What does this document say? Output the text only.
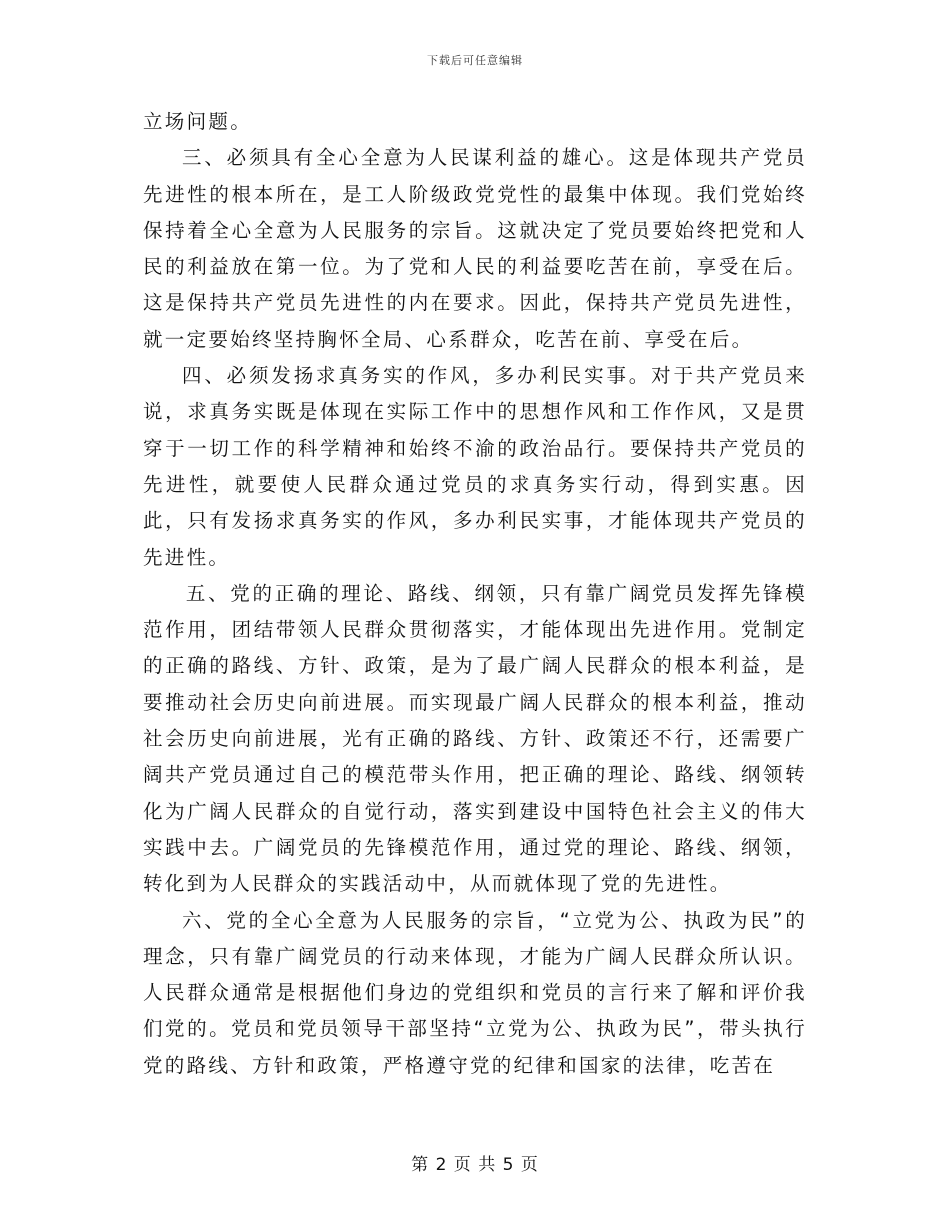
下载后可任意编辑

立场问题。

三、必须具有全心全意为人民谋利益的雄心。这是体现共产党员先进性的根本所在，是工人阶级政党党性的最集中体现。我们党始终保持着全心全意为人民服务的宗旨。这就决定了党员要始终把党和人民的利益放在第一位。为了党和人民的利益要吃苦在前，享受在后。这是保持共产党员先进性的内在要求。因此，保持共产党员先进性，就一定要始终坚持胸怀全局、心系群众，吃苦在前、享受在后。

四、必须发扬求真务实的作风，多办利民实事。对于共产党员来说，求真务实既是体现在实际工作中的思想作风和工作作风，又是贯穿于一切工作的科学精神和始终不渝的政治品行。要保持共产党员的先进性，就要使人民群众通过党员的求真务实行动，得到实惠。因此，只有发扬求真务实的作风，多办利民实事，才能体现共产党员的先进性。

五、党的正确的理论、路线、纲领，只有靠广阔党员发挥先锋模范作用，团结带领人民群众贯彻落实，才能体现出先进作用。党制定的正确的路线、方针、政策，是为了最广阔人民群众的根本利益，是要推动社会历史向前进展。而实现最广阔人民群众的根本利益，推动社会历史向前进展，光有正确的路线、方针、政策还不行，还需要广阔共产党员通过自己的模范带头作用，把正确的理论、路线、纲领转化为广阔人民群众的自觉行动，落实到建设中国特色社会主义的伟大实践中去。广阔党员的先锋模范作用，通过党的理论、路线、纲领，转化到为人民群众的实践活动中，从而就体现了党的先进性。

六、党的全心全意为人民服务的宗旨，“立党为公、执政为民”的理念，只有靠广阔党员的行动来体现，才能为广阔人民群众所认识。人民群众通常是根据他们身边的党组织和党员的言行来了解和评价我们党的。党员和党员领导干部坚持“立党为公、执政为民”，带头执行党的路线、方针和政策，严格遵守党的纪律和国家的法律，吃苦在

第 2 页 共 5 页
